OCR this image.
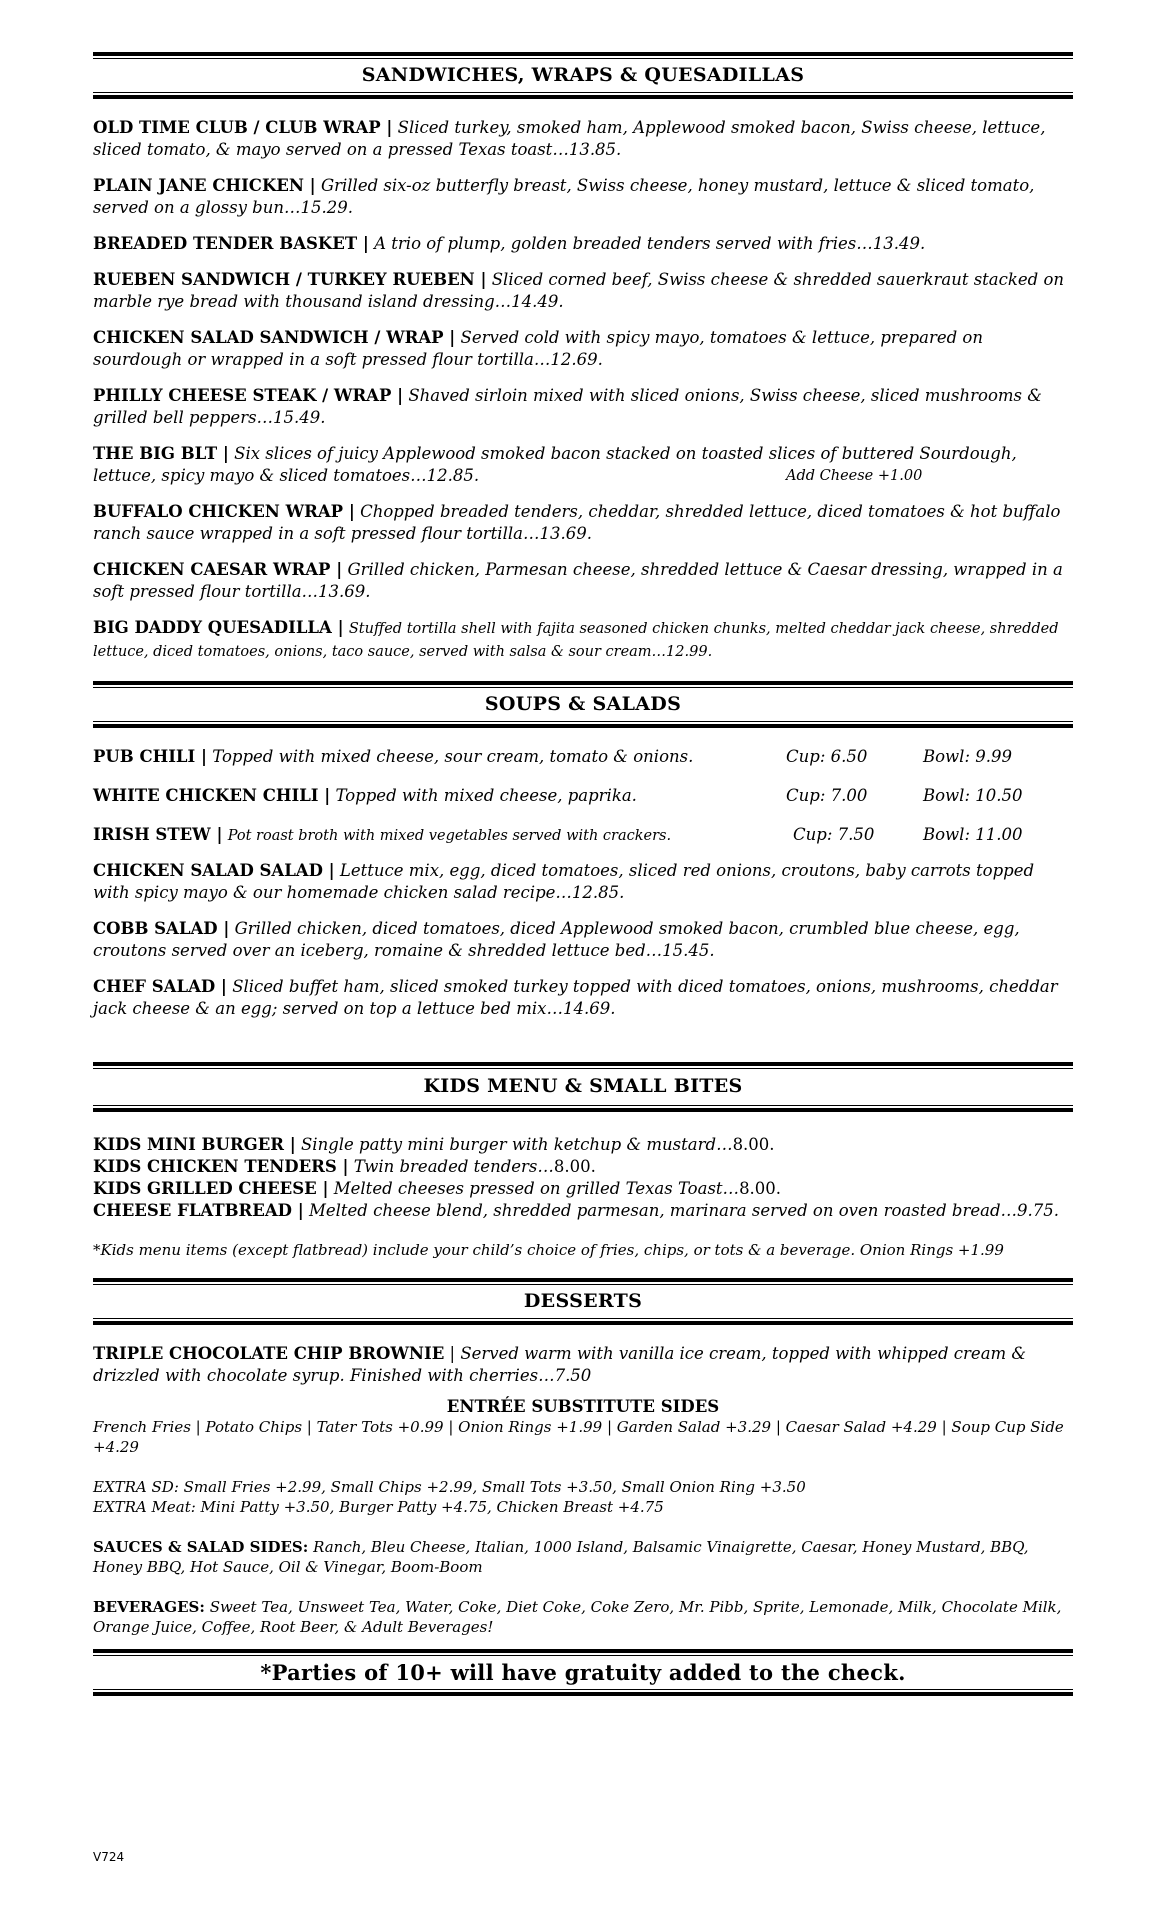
SANDWICHES, WRAPS & QUESADILLAS
OLD TIME CLUB / CLUB WRAP | Sliced turkey, smoked ham, Applewood smoked bacon, Swiss cheese, lettuce, sliced tomato, & mayo served on a pressed Texas toast…13.85.
PLAIN JANE CHICKEN | Grilled six-oz butterfly breast, Swiss cheese, honey mustard, lettuce & sliced tomato, served on a glossy bun…15.29.
BREADED TENDER BASKET | A trio of plump, golden breaded tenders served with fries…13.49.
RUEBEN SANDWICH / TURKEY RUEBEN | Sliced corned beef, Swiss cheese & shredded sauerkraut stacked on marble rye bread with thousand island dressing…14.49.
CHICKEN SALAD SANDWICH / WRAP | Served cold with spicy mayo, tomatoes & lettuce, prepared on sourdough or wrapped in a soft pressed flour tortilla…12.69.
PHILLY CHEESE STEAK / WRAP | Shaved sirloin mixed with sliced onions, Swiss cheese, sliced mushrooms & grilled bell peppers…15.49.
THE BIG BLT | Six slices of juicy Applewood smoked bacon stacked on toasted slices of buttered Sourdough, lettuce, spicy mayo & sliced tomatoes…12.85.	Add Cheese +1.00
BUFFALO CHICKEN WRAP | Chopped breaded tenders, cheddar, shredded lettuce, diced tomatoes & hot buffalo ranch sauce wrapped in a soft pressed flour tortilla…13.69.
CHICKEN CAESAR WRAP | Grilled chicken, Parmesan cheese, shredded lettuce & Caesar dressing, wrapped in a soft pressed flour tortilla…13.69.
BIG DADDY QUESADILLA | Stuffed tortilla shell with fajita seasoned chicken chunks, melted cheddar jack cheese, shredded lettuce, diced tomatoes, onions, taco sauce, served with salsa & sour cream…12.99.
SOUPS & SALADS
PUB CHILI | Topped with mixed cheese, sour cream, tomato & onions.	Cup: 6.50	Bowl: 9.99
WHITE CHICKEN CHILI | Topped with mixed cheese, paprika.	Cup: 7.00	Bowl: 10.50
IRISH STEW | Pot roast broth with mixed vegetables served with crackers.	Cup: 7.50	Bowl: 11.00
CHICKEN SALAD SALAD | Lettuce mix, egg, diced tomatoes, sliced red onions, croutons, baby carrots topped with spicy mayo & our homemade chicken salad recipe…12.85.
COBB SALAD | Grilled chicken, diced tomatoes, diced Applewood smoked bacon, crumbled blue cheese, egg, croutons served over an iceberg, romaine & shredded lettuce bed…15.45.
CHEF SALAD | Sliced buffet ham, sliced smoked turkey topped with diced tomatoes, onions, mushrooms, cheddar jack cheese & an egg; served on top a lettuce bed mix…14.69.
KIDS MENU & SMALL BITES
KIDS MINI BURGER | Single patty mini burger with ketchup & mustard…8.00.
KIDS CHICKEN TENDERS | Twin breaded tenders…8.00.
KIDS GRILLED CHEESE | Melted cheeses pressed on grilled Texas Toast…8.00.
CHEESE FLATBREAD | Melted cheese blend, shredded parmesan, marinara served on oven roasted bread…9.75.
*Kids menu items (except flatbread) include your child’s choice of fries, chips, or tots & a beverage. Onion Rings +1.99
DESSERTS
TRIPLE CHOCOLATE CHIP BROWNIE | Served warm with vanilla ice cream, topped with whipped cream & drizzled with chocolate syrup. Finished with cherries…7.50
ENTRÉE SUBSTITUTE SIDES
French Fries | Potato Chips | Tater Tots +0.99 | Onion Rings +1.99 | Garden Salad +3.29 | Caesar Salad +4.29 | Soup Cup Side +4.29
EXTRA SD: Small Fries +2.99, Small Chips +2.99, Small Tots +3.50, Small Onion Ring +3.50
EXTRA Meat: Mini Patty +3.50, Burger Patty +4.75, Chicken Breast +4.75
SAUCES & SALAD SIDES: Ranch, Bleu Cheese, Italian, 1000 Island, Balsamic Vinaigrette, Caesar, Honey Mustard, BBQ, Honey BBQ, Hot Sauce, Oil & Vinegar, Boom-Boom
BEVERAGES: Sweet Tea, Unsweet Tea, Water, Coke, Diet Coke, Coke Zero, Mr. Pibb, Sprite, Lemonade, Milk, Chocolate Milk, Orange Juice, Coffee, Root Beer, & Adult Beverages!
*Parties of 10+ will have gratuity added to the check.
V724
